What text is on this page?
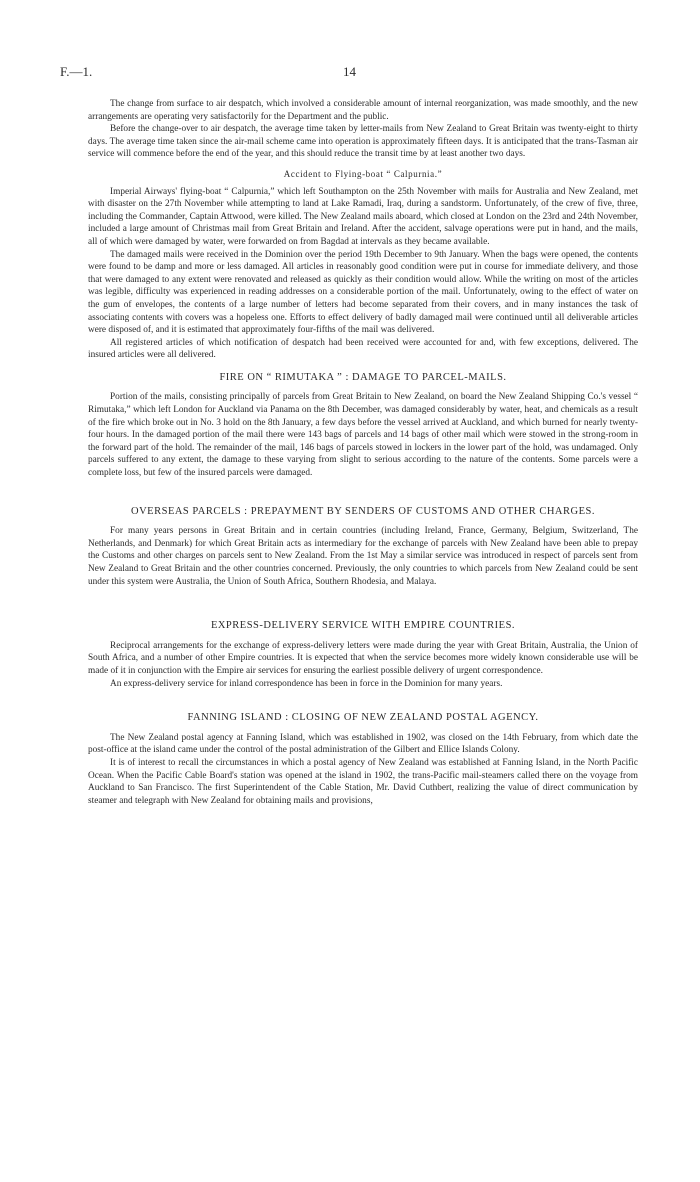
F.—1.	14

The change from surface to air despatch, which involved a considerable amount of internal reorganization, was made smoothly, and the new arrangements are operating very satisfactorily for the Department and the public.

Before the change-over to air despatch, the average time taken by letter-mails from New Zealand to Great Britain was twenty-eight to thirty days. The average time taken since the air-mail scheme came into operation is approximately fifteen days. It is anticipated that the trans-Tasman air service will commence before the end of the year, and this should reduce the transit time by at least another two days.

Accident to Flying-boat “ Calpurnia.”

Imperial Airways' flying-boat “ Calpurnia,” which left Southampton on the 25th November with mails for Australia and New Zealand, met with disaster on the 27th November while attempting to land at Lake Ramadi, Iraq, during a sandstorm. Unfortunately, of the crew of five, three, including the Commander, Captain Attwood, were killed. The New Zealand mails aboard, which closed at London on the 23rd and 24th November, included a large amount of Christmas mail from Great Britain and Ireland. After the accident, salvage operations were put in hand, and the mails, all of which were damaged by water, were forwarded on from Bagdad at intervals as they became available.

The damaged mails were received in the Dominion over the period 19th December to 9th January. When the bags were opened, the contents were found to be damp and more or less damaged. All articles in reasonably good condition were put in course for immediate delivery, and those that were damaged to any extent were renovated and released as quickly as their condition would allow. While the writing on most of the articles was legible, difficulty was experienced in reading addresses on a considerable portion of the mail. Unfortunately, owing to the effect of water on the gum of envelopes, the contents of a large number of letters had become separated from their covers, and in many instances the task of associating contents with covers was a hopeless one. Efforts to effect delivery of badly damaged mail were continued until all deliverable articles were disposed of, and it is estimated that approximately four-fifths of the mail was delivered.

All registered articles of which notification of despatch had been received were accounted for and, with few exceptions, delivered. The insured articles were all delivered.

FIRE ON “ RIMUTAKA ” : DAMAGE TO PARCEL-MAILS.

Portion of the mails, consisting principally of parcels from Great Britain to New Zealand, on board the New Zealand Shipping Co.'s vessel “ Rimutaka,” which left London for Auckland via Panama on the 8th December, was damaged considerably by water, heat, and chemicals as a result of the fire which broke out in No. 3 hold on the 8th January, a few days before the vessel arrived at Auckland, and which burned for nearly twenty-four hours. In the damaged portion of the mail there were 143 bags of parcels and 14 bags of other mail which were stowed in the strong-room in the forward part of the hold. The remainder of the mail, 146 bags of parcels stowed in lockers in the lower part of the hold, was undamaged. Only parcels suffered to any extent, the damage to these varying from slight to serious according to the nature of the contents. Some parcels were a complete loss, but few of the insured parcels were damaged.

OVERSEAS PARCELS : PREPAYMENT BY SENDERS OF CUSTOMS AND OTHER CHARGES.

For many years persons in Great Britain and in certain countries (including Ireland, France, Germany, Belgium, Switzerland, The Netherlands, and Denmark) for which Great Britain acts as intermediary for the exchange of parcels with New Zealand have been able to prepay the Customs and other charges on parcels sent to New Zealand. From the 1st May a similar service was introduced in respect of parcels sent from New Zealand to Great Britain and the other countries concerned. Previously, the only countries to which parcels from New Zealand could be sent under this system were Australia, the Union of South Africa, Southern Rhodesia, and Malaya.

EXPRESS-DELIVERY SERVICE WITH EMPIRE COUNTRIES.

Reciprocal arrangements for the exchange of express-delivery letters were made during the year with Great Britain, Australia, the Union of South Africa, and a number of other Empire countries. It is expected that when the service becomes more widely known considerable use will be made of it in conjunction with the Empire air services for ensuring the earliest possible delivery of urgent correspondence.

An express-delivery service for inland correspondence has been in force in the Dominion for many years.

FANNING ISLAND : CLOSING OF NEW ZEALAND POSTAL AGENCY.

The New Zealand postal agency at Fanning Island, which was established in 1902, was closed on the 14th February, from which date the post-office at the island came under the control of the postal administration of the Gilbert and Ellice Islands Colony.

It is of interest to recall the circumstances in which a postal agency of New Zealand was established at Fanning Island, in the North Pacific Ocean. When the Pacific Cable Board's station was opened at the island in 1902, the trans-Pacific mail-steamers called there on the voyage from Auckland to San Francisco. The first Superintendent of the Cable Station, Mr. David Cuthbert, realizing the value of direct communication by steamer and telegraph with New Zealand for obtaining mails and provisions,
